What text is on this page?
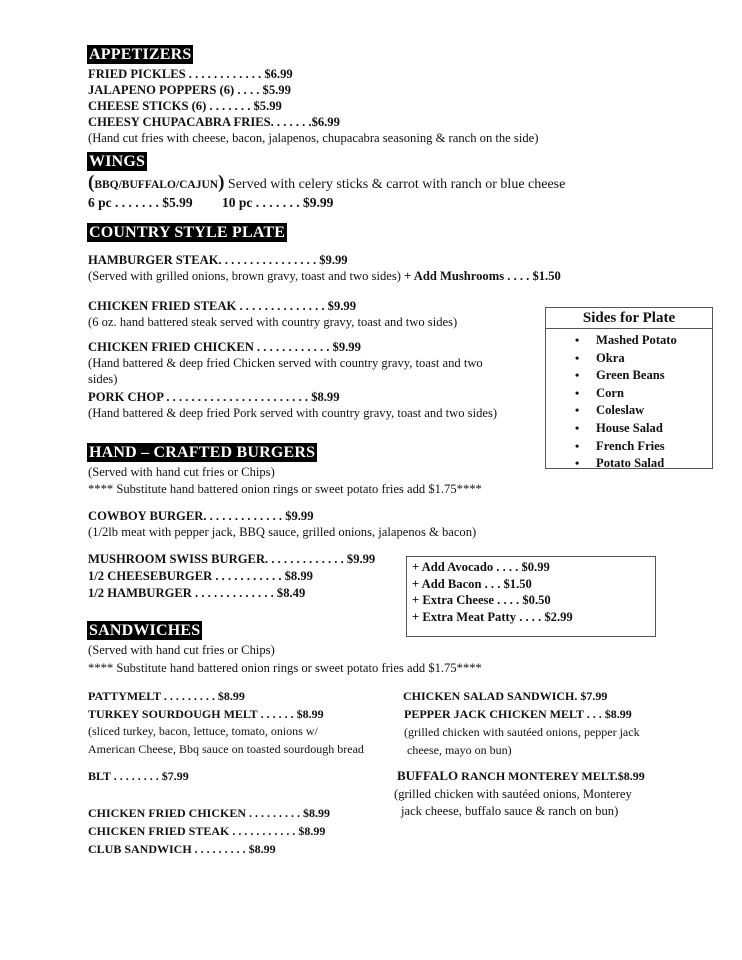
APPETIZERS
FRIED PICKLES . . . . . . . . . . . . $6.99
JALAPENO POPPERS (6) . . . . $5.99
CHEESE STICKS (6) . . . . . . . $5.99
CHEESY CHUPACABRA FRIES. . . . . . .$6.99
(Hand cut fries with cheese, bacon, jalapenos, chupacabra seasoning & ranch on the side)
WINGS
(BBQ/BUFFALO/CAJUN) Served with celery sticks & carrot with ranch or blue cheese
6 pc . . . . . . . $5.99 10 pc . . . . . . . $9.99
COUNTRY STYLE PLATE
HAMBURGER STEAK. . . . . . . . . . . . . . . . $9.99
(Served with grilled onions, brown gravy, toast and two sides) + Add Mushrooms . . . . $1.50
CHICKEN FRIED STEAK . . . . . . . . . . . . . . $9.99
(6 oz. hand battered steak served with country gravy, toast and two sides)
CHICKEN FRIED CHICKEN . . . . . . . . . . . . $9.99
(Hand battered & deep fried Chicken served with country gravy, toast and two
sides)
PORK CHOP . . . . . . . . . . . . . . . . . . . . . . . $8.99
(Hand battered & deep fried Pork served with country gravy, toast and two sides)
Sides for Plate
• Mashed Potato
• Okra
• Green Beans
• Corn
• Coleslaw
• House Salad
• French Fries
• Potato Salad
HAND – CRAFTED BURGERS
(Served with hand cut fries or Chips)
**** Substitute hand battered onion rings or sweet potato fries add $1.75****
COWBOY BURGER. . . . . . . . . . . . . $9.99
(1/2lb meat with pepper jack, BBQ sauce, grilled onions, jalapenos & bacon)
MUSHROOM SWISS BURGER. . . . . . . . . . . . . $9.99
1/2 CHEESEBURGER . . . . . . . . . . . $8.99
1/2 HAMBURGER . . . . . . . . . . . . . $8.49
+ Add Avocado . . . . $0.99
+ Add Bacon . . . $1.50
+ Extra Cheese . . . . $0.50
+ Extra Meat Patty . . . . $2.99
SANDWICHES
(Served with hand cut fries or Chips)
**** Substitute hand battered onion rings or sweet potato fries add $1.75****
PATTYMELT . . . . . . . . . $8.99
TURKEY SOURDOUGH MELT . . . . . . $8.99
(sliced turkey, bacon, lettuce, tomato, onions w/
American Cheese, Bbq sauce on toasted sourdough bread
BLT . . . . . . . . $7.99
CHICKEN FRIED CHICKEN . . . . . . . . . $8.99
CHICKEN FRIED STEAK . . . . . . . . . . . $8.99
CLUB SANDWICH . . . . . . . . . $8.99
CHICKEN SALAD SANDWICH. $7.99
PEPPER JACK CHICKEN MELT . . . $8.99
(grilled chicken with sautéed onions, pepper jack
cheese, mayo on bun)
BUFFALO RANCH MONTEREY MELT.$8.99
(grilled chicken with sautéed onions, Monterey
jack cheese, buffalo sauce & ranch on bun)
